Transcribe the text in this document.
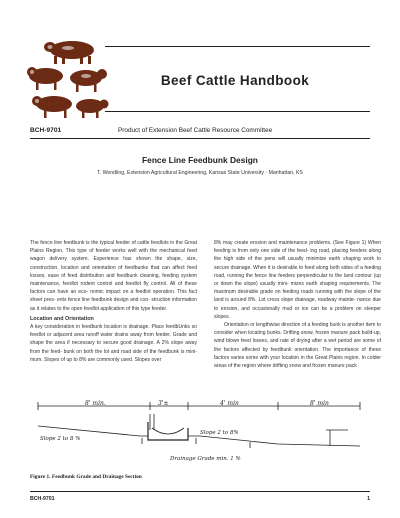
Beef Cattle Handbook
BCH-9701	Product of Extension Beef Cattle Resource Committee
Fence Line Feedbunk Design
T. Wendling, Extension Agricultural Engineering, Kansas State University · Manhattan, KS

The fence line feedbunk is the typical feeder of cattle feedlots in the Great Plains Region. This type of feeder works well with the mechanical feed wagon delivery system. Experience has shown the shape, size, construction, location and orientation of feedbunks that can affect feed losses, ease of feed distribution and feedbunk cleaning, feeding system maintenance, feedlot rodent control and feedlot fly control. All of these factors can have an eco- nomic impact on a feedlot operation. This fact sheet pres- ents fence line feedbunk design and con- struction information as it relates to the open feedlot application of this type feeder.

Location and Orientation

A key consideration in feedbunk location is drainage. Place feedbUnks so feedlot or adjacent area runoff water drains away from feeder. Grade and shape the area if necessary to secure good drainage. A 2% slope away from the feed- bunk on both the lot and road side of the feedbunk is mini- mum. Slopes of up to 8% are commonly used. Slopes over

8% may create erosion and maintenance problems. (See Figure 1) When feeding is from only one side of the feed- ing road, placing feeders along the high side of the pens will usually minimize earth shaping work to secure drainage. When it is desirable to feed along both sides of a feeding road, running the fence line feeders perpendicular to the land contour (up or down the slope) usually mini- mizes earth shaping requirements. The maximum desirable grade on feeding roads running with the slope of the land is around 8%. Lot cross slope drainage, roadway mainte- nance due to erosion, and occasionally mud or ice can be a problem on steeper slopes.

Orientation or lengthwise direction of a feeding bunk is another item to consider when locating bunks. Drifting snow, frozen manure pack build-up, wind blown feed losses, and rate of drying after a wet period are some of the factors affected by feedbunk orientation. The importance of these factors varies some with your location in the Great Plains region. In colder areas of the region where drifting snow and frozen manure pack

8' min.	3'±	4' min	8' min
Slope 2 to 8 %
Slope 2 to 8%
Drainage Grade min. 1 %
Figure 1. Feedbunk Grade and Drainage Section
BCH-9701	1
